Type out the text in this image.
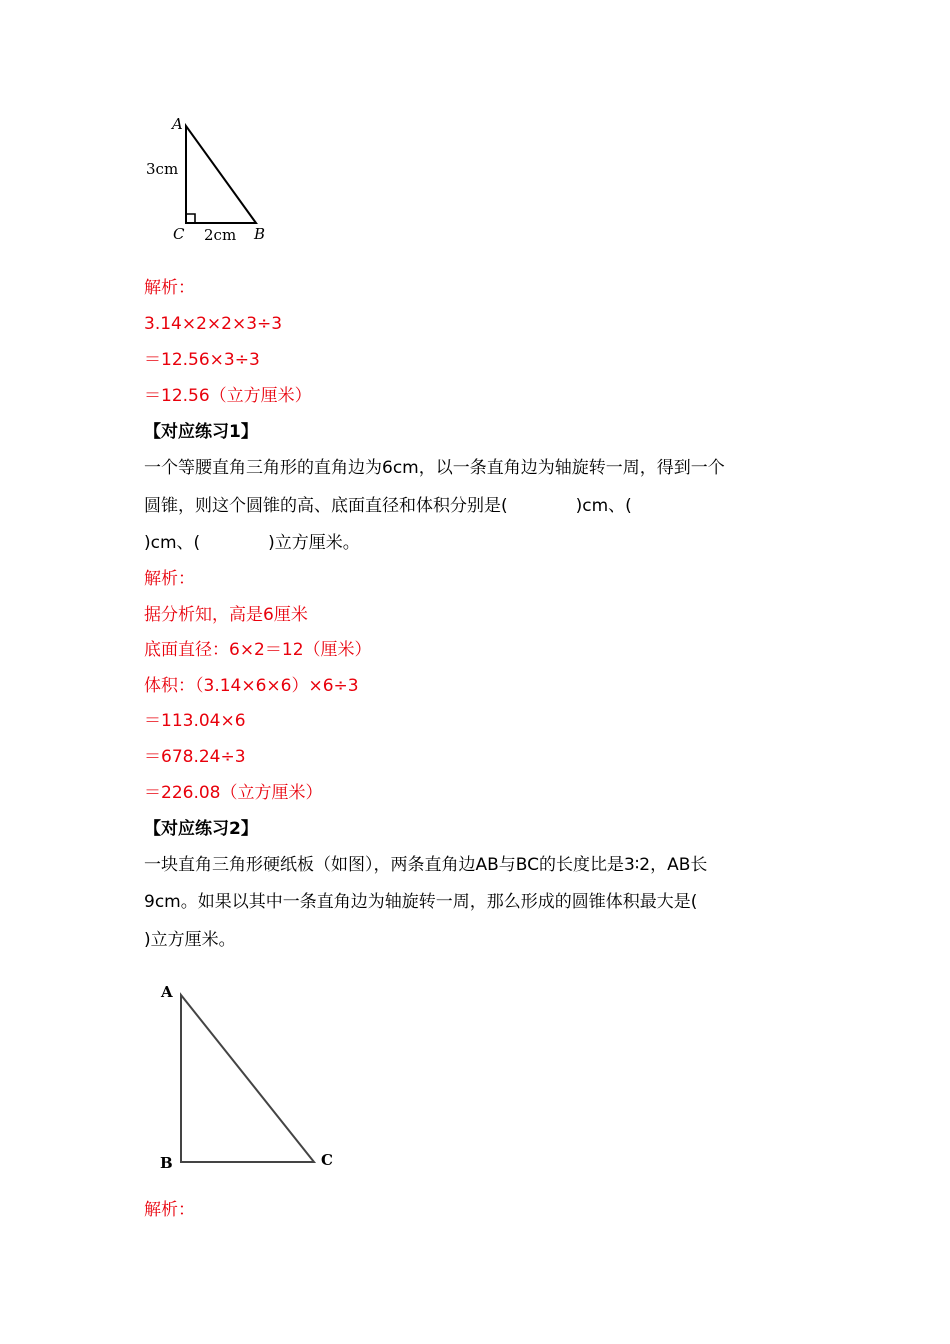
A
C	B
3cm
2cm
解析：
3.14×2×2×3÷3
＝12.56×3÷3
＝12.56（立方厘米）
【对应练习1】
一个等腰直角三角形的直角边为6cm，以一条直角边为轴旋转一周，得到一个
圆锥，则这个圆锥的高、底面直径和体积分别是(　　　　)cm、(
)cm、(　　　　)立方厘米。
解析：
据分析知，高是6厘米
底面直径：6×2＝12（厘米）
体积：（3.14×6×6）×6÷3
＝113.04×6
＝678.24÷3
＝226.08（立方厘米）
【对应练习2】
一块直角三角形硬纸板（如图），两条直角边AB与BC的长度比是3∶2，AB长
9cm。如果以其中一条直角边为轴旋转一周，那么形成的圆锥体积最大是(
)立方厘米。
A
B	C
解析：
